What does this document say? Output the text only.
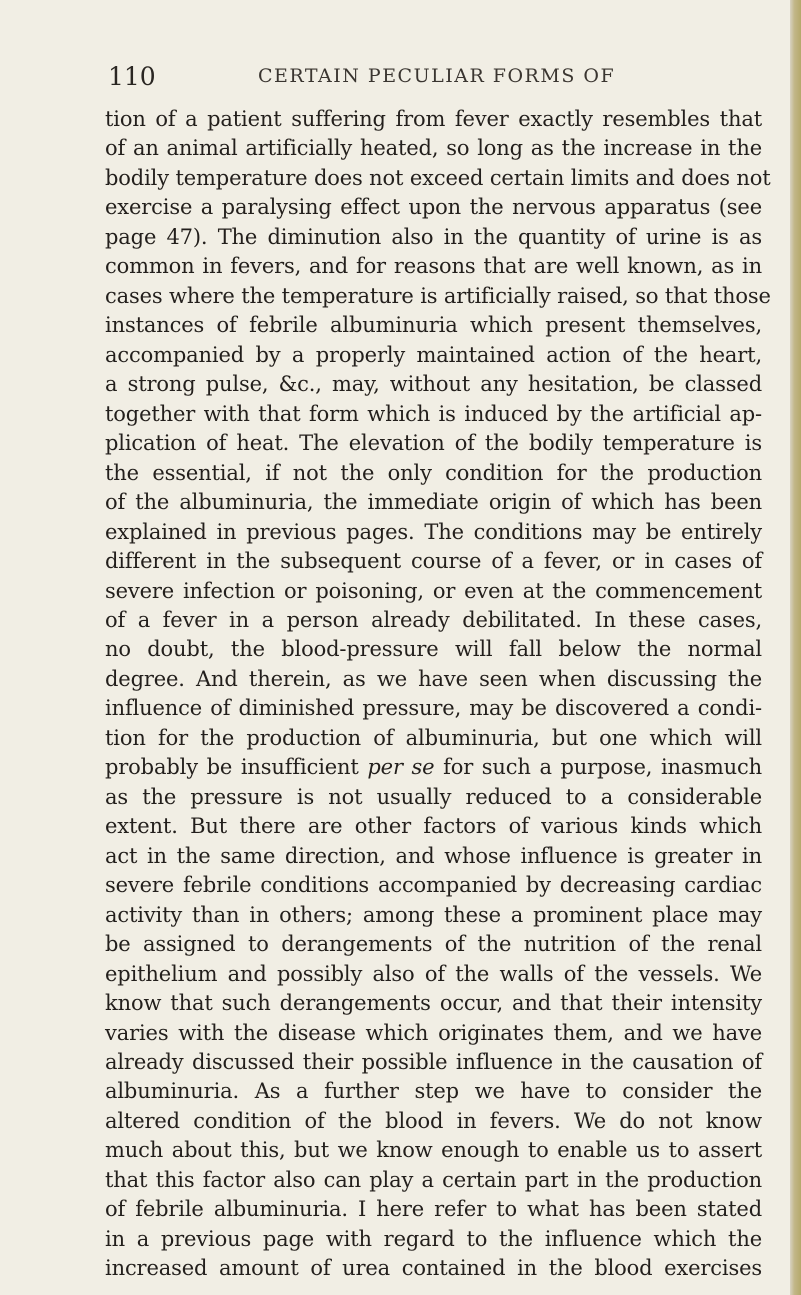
110	CERTAIN PECULIAR FORMS OF
tion of a patient suffering from fever exactly resembles that
of an animal artificially heated, so long as the increase in the
bodily temperature does not exceed certain limits and does not
exercise a paralysing effect upon the nervous apparatus (see
page 47). The diminution also in the quantity of urine is as
common in fevers, and for reasons that are well known, as in
cases where the temperature is artificially raised, so that those
instances of febrile albuminuria which present themselves,
accompanied by a properly maintained action of the heart,
a strong pulse, &c., may, without any hesitation, be classed
together with that form which is induced by the artificial ap-
plication of heat. The elevation of the bodily temperature is
the essential, if not the only condition for the production
of the albuminuria, the immediate origin of which has been
explained in previous pages. The conditions may be entirely
different in the subsequent course of a fever, or in cases of
severe infection or poisoning, or even at the commencement
of a fever in a person already debilitated. In these cases,
no doubt, the blood-pressure will fall below the normal
degree. And therein, as we have seen when discussing the
influence of diminished pressure, may be discovered a condi-
tion for the production of albuminuria, but one which will
probably be insufficient per se for such a purpose, inasmuch
as the pressure is not usually reduced to a considerable
extent. But there are other factors of various kinds which
act in the same direction, and whose influence is greater in
severe febrile conditions accompanied by decreasing cardiac
activity than in others; among these a prominent place may
be assigned to derangements of the nutrition of the renal
epithelium and possibly also of the walls of the vessels. We
know that such derangements occur, and that their intensity
varies with the disease which originates them, and we have
already discussed their possible influence in the causation of
albuminuria. As a further step we have to consider the
altered condition of the blood in fevers. We do not know
much about this, but we know enough to enable us to assert
that this factor also can play a certain part in the production
of febrile albuminuria. I here refer to what has been stated
in a previous page with regard to the influence which the
increased amount of urea contained in the blood exercises
